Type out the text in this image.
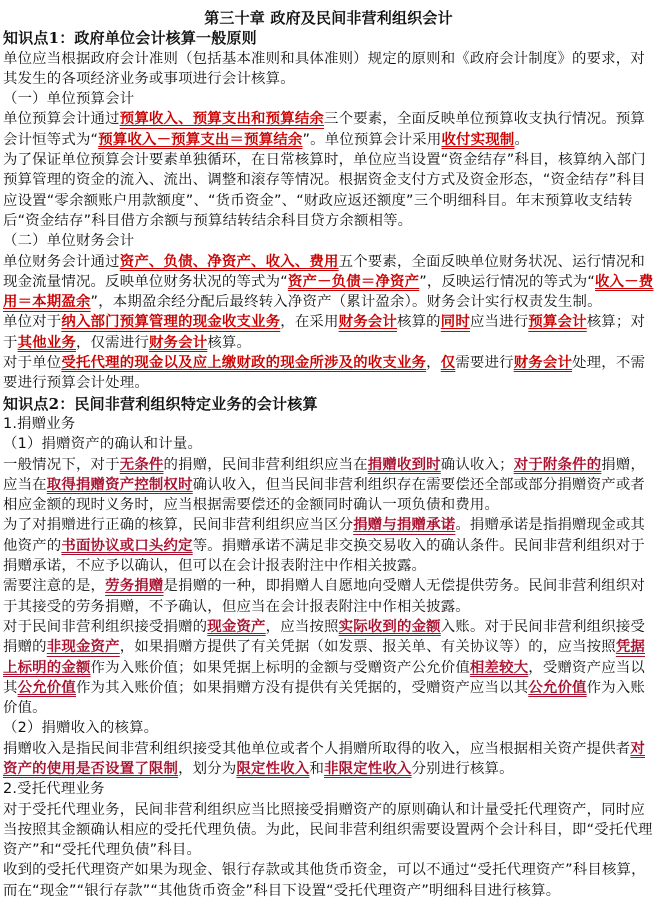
第三十章 政府及民间非营利组织会计
知识点1：政府单位会计核算一般原则
单位应当根据政府会计准则（包括基本准则和具体准则）规定的原则和《政府会计制度》的要求，对其发生的各项经济业务或事项进行会计核算。
（一）单位预算会计
单位预算会计通过预算收入、预算支出和预算结余三个要素，全面反映单位预算收支执行情况。预算会计恒等式为“预算收入－预算支出＝预算结余”。单位预算会计采用收付实现制。
为了保证单位预算会计要素单独循环，在日常核算时，单位应当设置“资金结存”科目，核算纳入部门预算管理的资金的流入、流出、调整和滚存等情况。根据资金支付方式及资金形态，“资金结存”科目应设置“零余额账户用款额度”、“货币资金”、“财政应返还额度”三个明细科目。年末预算收支结转后“资金结存”科目借方余额与预算结转结余科目贷方余额相等。
（二）单位财务会计
单位财务会计通过资产、负债、净资产、收入、费用五个要素，全面反映单位财务状况、运行情况和现金流量情况。反映单位财务状况的等式为“资产－负债＝净资产”，反映运行情况的等式为“收入－费用＝本期盈余”，本期盈余经分配后最终转入净资产（累计盈余）。财务会计实行权责发生制。
单位对于纳入部门预算管理的现金收支业务，在采用财务会计核算的同时应当进行预算会计核算；对于其他业务，仅需进行财务会计核算。
对于单位受托代理的现金以及应上缴财政的现金所涉及的收支业务，仅需要进行财务会计处理，不需要进行预算会计处理。
知识点2：民间非营利组织特定业务的会计核算
1.捐赠业务
（1）捐赠资产的确认和计量。
一般情况下，对于无条件的捐赠，民间非营利组织应当在捐赠收到时确认收入；对于附条件的捐赠，应当在取得捐赠资产控制权时确认收入，但当民间非营利组织存在需要偿还全部或部分捐赠资产或者相应金额的现时义务时，应当根据需要偿还的金额同时确认一项负债和费用。
为了对捐赠进行正确的核算，民间非营利组织应当区分捐赠与捐赠承诺。捐赠承诺是指捐赠现金或其他资产的书面协议或口头约定等。捐赠承诺不满足非交换交易收入的确认条件。民间非营利组织对于捐赠承诺，不应予以确认，但可以在会计报表附注中作相关披露。
需要注意的是，劳务捐赠是捐赠的一种，即捐赠人自愿地向受赠人无偿提供劳务。民间非营利组织对于其接受的劳务捐赠，不予确认，但应当在会计报表附注中作相关披露。
对于民间非营利组织接受捐赠的现金资产，应当按照实际收到的金额入账。对于民间非营利组织接受捐赠的非现金资产，如果捐赠方提供了有关凭据（如发票、报关单、有关协议等）的，应当按照凭据上标明的金额作为入账价值；如果凭据上标明的金额与受赠资产公允价值相差较大，受赠资产应当以其公允价值作为其入账价值；如果捐赠方没有提供有关凭据的，受赠资产应当以其公允价值作为入账价值。
（2）捐赠收入的核算。
捐赠收入是指民间非营利组织接受其他单位或者个人捐赠所取得的收入，应当根据相关资产提供者对资产的使用是否设置了限制，划分为限定性收入和非限定性收入分别进行核算。
2.受托代理业务
对于受托代理业务，民间非营利组织应当比照接受捐赠资产的原则确认和计量受托代理资产，同时应当按照其金额确认相应的受托代理负债。为此，民间非营利组织需要设置两个会计科目，即“受托代理资产”和“受托代理负债”科目。
收到的受托代理资产如果为现金、银行存款或其他货币资金，可以不通过“受托代理资产”科目核算，而在“现金”“银行存款”“其他货币资金”科目下设置“受托代理资产”明细科目进行核算。
